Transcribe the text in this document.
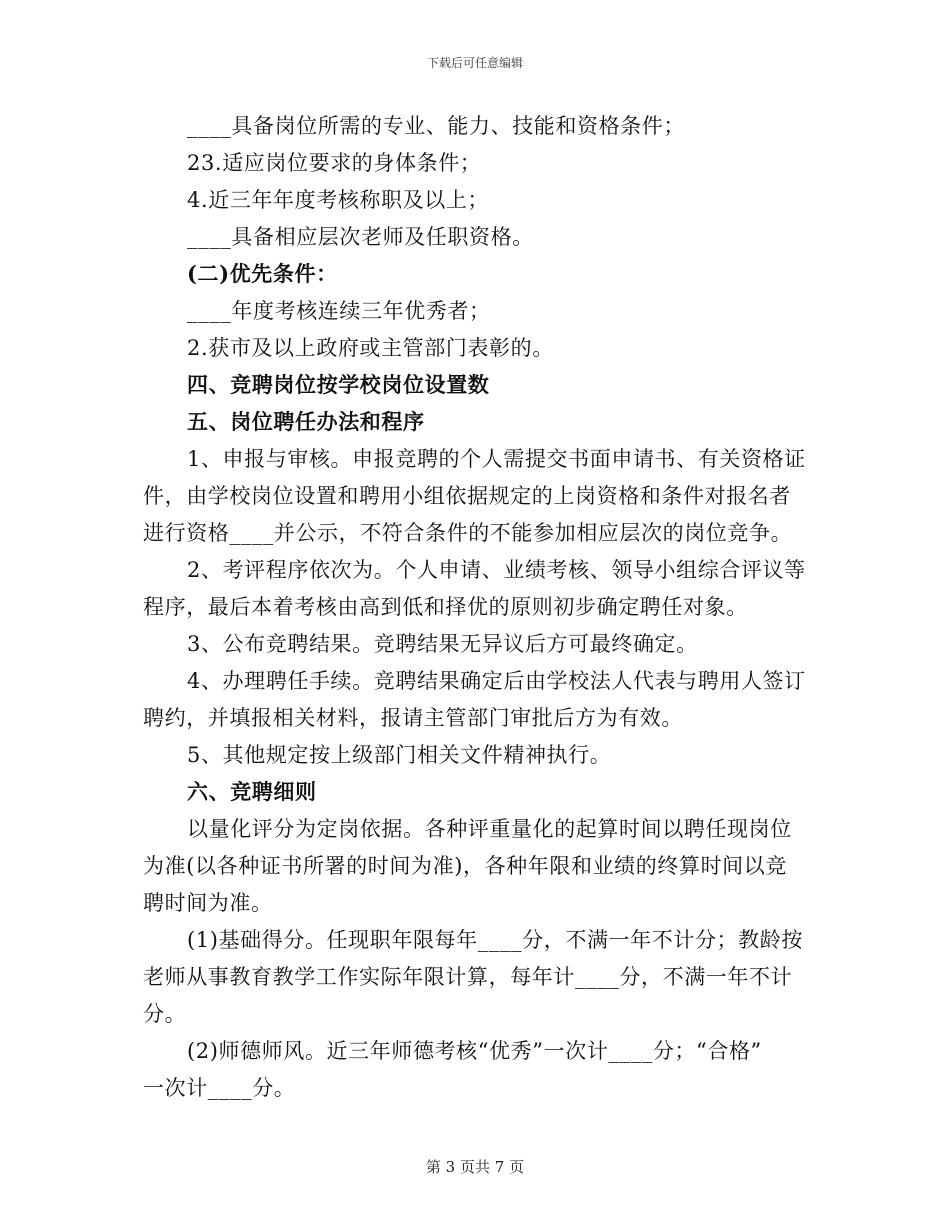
下载后可任意编辑
____具备岗位所需的专业、能力、技能和资格条件；
23.适应岗位要求的身体条件；
4.近三年年度考核称职及以上；
____具备相应层次老师及任职资格。
(二)优先条件：
____年度考核连续三年优秀者；
2.获市及以上政府或主管部门表彰的。
四、竞聘岗位按学校岗位设置数
五、岗位聘任办法和程序
1、申报与审核。申报竞聘的个人需提交书面申请书、有关资格证
件，由学校岗位设置和聘用小组依据规定的上岗资格和条件对报名者
进行资格____并公示，不符合条件的不能参加相应层次的岗位竞争。
2、考评程序依次为。个人申请、业绩考核、领导小组综合评议等
程序，最后本着考核由高到低和择优的原则初步确定聘任对象。
3、公布竞聘结果。竞聘结果无异议后方可最终确定。
4、办理聘任手续。竞聘结果确定后由学校法人代表与聘用人签订
聘约，并填报相关材料，报请主管部门审批后方为有效。
5、其他规定按上级部门相关文件精神执行。
六、竞聘细则
以量化评分为定岗依据。各种评重量化的起算时间以聘任现岗位
为准(以各种证书所署的时间为准)，各种年限和业绩的终算时间以竞
聘时间为准。
(1)基础得分。任现职年限每年____分，不满一年不计分；教龄按
老师从事教育教学工作实际年限计算，每年计____分，不满一年不计
分。
(2)师德师风。近三年师德考核“优秀”一次计____分；“合格”
一次计____分。
第 3 页共 7 页
